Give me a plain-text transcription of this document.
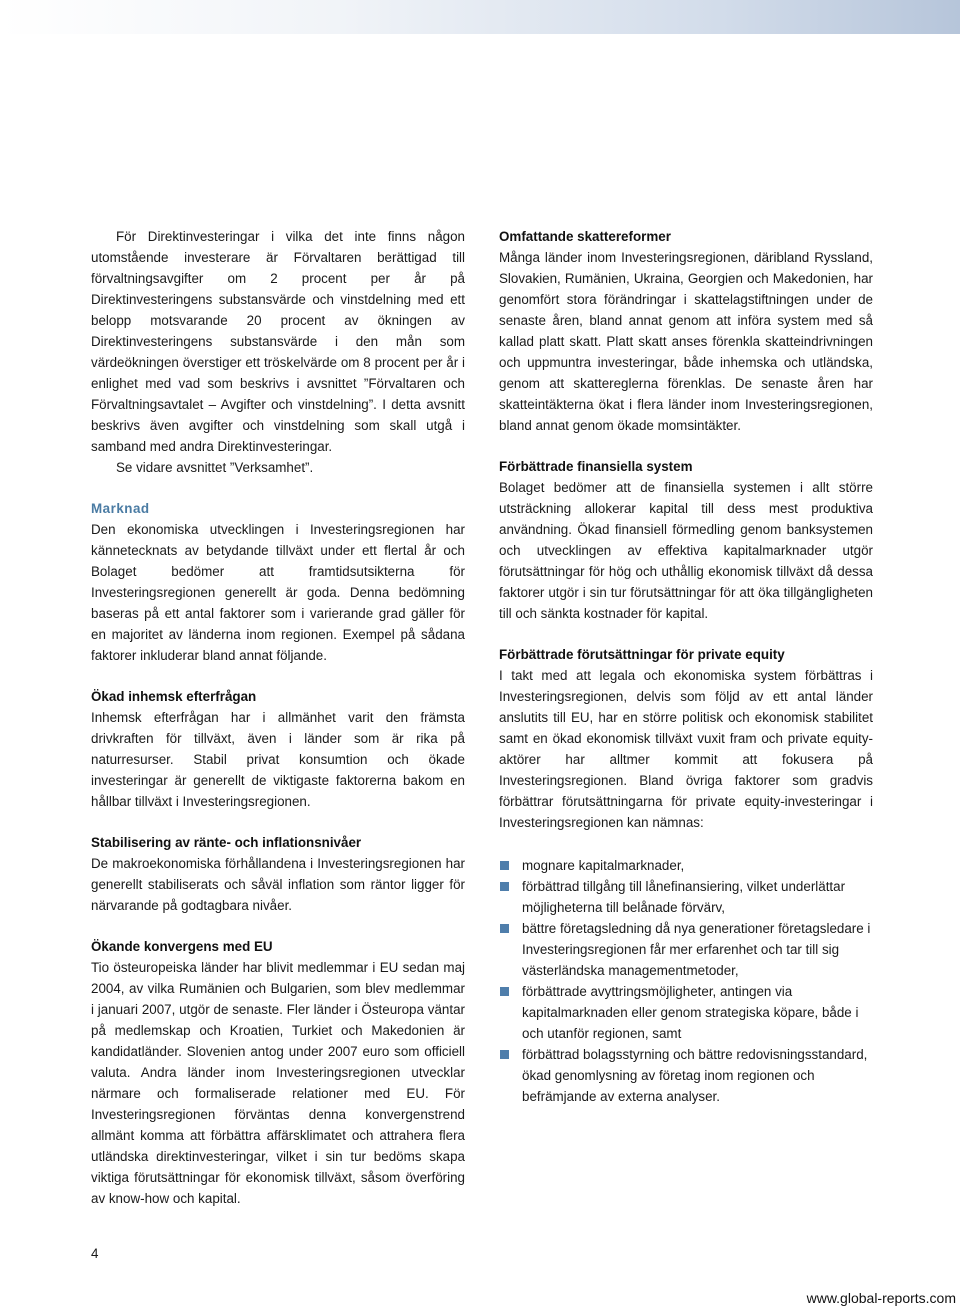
För Direktinvesteringar i vilka det inte finns någon utomstående investerare är Förvaltaren berättigad till förvaltningsavgifter om 2 procent per år på Direktinvesteringens substansvärde och vinstdelning med ett belopp motsvarande 20 procent av ökningen av Direktinvesteringens substansvärde i den mån som värdeökningen överstiger ett tröskelvärde om 8 procent per år i enlighet med vad som beskrivs i avsnittet ”Förvaltaren och Förvaltningsavtalet – Avgifter och vinstdelning”. I detta avsnitt beskrivs även avgifter och vinstdelning som skall utgå i samband med andra Direktinvesteringar.

Se vidare avsnittet ”Verksamhet”.

Marknad

Den ekonomiska utvecklingen i Investeringsregionen har kännetecknats av betydande tillväxt under ett flertal år och Bolaget bedömer att framtidsutsikterna för Investeringsregionen generellt är goda. Denna bedömning baseras på ett antal faktorer som i varierande grad gäller för en majoritet av länderna inom regionen. Exempel på sådana faktorer inkluderar bland annat följande.

Ökad inhemsk efterfrågan

Inhemsk efterfrågan har i allmänhet varit den främsta drivkraften för tillväxt, även i länder som är rika på naturresurser. Stabil privat konsumtion och ökade investeringar är generellt de viktigaste faktorerna bakom en hållbar tillväxt i Investeringsregionen.

Stabilisering av ränte- och inflationsnivåer

De makroekonomiska förhållandena i Investeringsregionen har generellt stabiliserats och såväl inflation som räntor ligger för närvarande på godtagbara nivåer.

Ökande konvergens med EU

Tio östeuropeiska länder har blivit medlemmar i EU sedan maj 2004, av vilka Rumänien och Bulgarien, som blev medlemmar i januari 2007, utgör de senaste. Fler länder i Östeuropa väntar på medlemskap och Kroatien, Turkiet och Makedonien är kandidatländer. Slovenien antog under 2007 euro som officiell valuta. Andra länder inom Investeringsregionen utvecklar närmare och formaliserade relationer med EU. För Investeringsregionen förväntas denna konvergenstrend allmänt komma att förbättra affärsklimatet och attrahera flera utländska direktinvesteringar, vilket i sin tur bedöms skapa viktiga förutsättningar för ekonomisk tillväxt, såsom överföring av know-how och kapital.

Omfattande skattereformer

Många länder inom Investeringsregionen, däribland Ryssland, Slovakien, Rumänien, Ukraina, Georgien och Makedonien, har genomfört stora förändringar i skattelagstiftningen under de senaste åren, bland annat genom att införa system med så kallad platt skatt. Platt skatt anses förenkla skatteindrivningen och uppmuntra investeringar, både inhemska och utländska, genom att skattereglerna förenklas. De senaste åren har skatteintäkterna ökat i flera länder inom Investeringsregionen, bland annat genom ökade momsintäkter.

Förbättrade finansiella system

Bolaget bedömer att de finansiella systemen i allt större utsträckning allokerar kapital till dess mest produktiva användning. Ökad finansiell förmedling genom banksystemen och utvecklingen av effektiva kapitalmarknader utgör förutsättningar för hög och uthållig ekonomisk tillväxt då dessa faktorer utgör i sin tur förutsättningar för att öka tillgängligheten till och sänkta kostnader för kapital.

Förbättrade förutsättningar för private equity

I takt med att legala och ekonomiska system förbättras i Investeringsregionen, delvis som följd av ett antal länder anslutits till EU, har en större politisk och ekonomisk stabilitet samt en ökad ekonomisk tillväxt vuxit fram och private equity-aktörer har alltmer kommit att fokusera på Investeringsregionen. Bland övriga faktorer som gradvis förbättrar förutsättningarna för private equity-investeringar i Investeringsregionen kan nämnas:

mognare kapitalmarknader,
förbättrad tillgång till lånefinansiering, vilket underlättar möjligheterna till belånade förvärv,
bättre företagsledning då nya generationer företagsledare i Investeringsregionen får mer erfarenhet och tar till sig västerländska managementmetoder,
förbättrade avyttringsmöjligheter, antingen via kapitalmarknaden eller genom strategiska köpare, både i och utanför regionen, samt
förbättrad bolagsstyrning och bättre redovisningsstandard, ökad genomlysning av företag inom regionen och befrämjande av externa analyser.
4
www.global-reports.com
